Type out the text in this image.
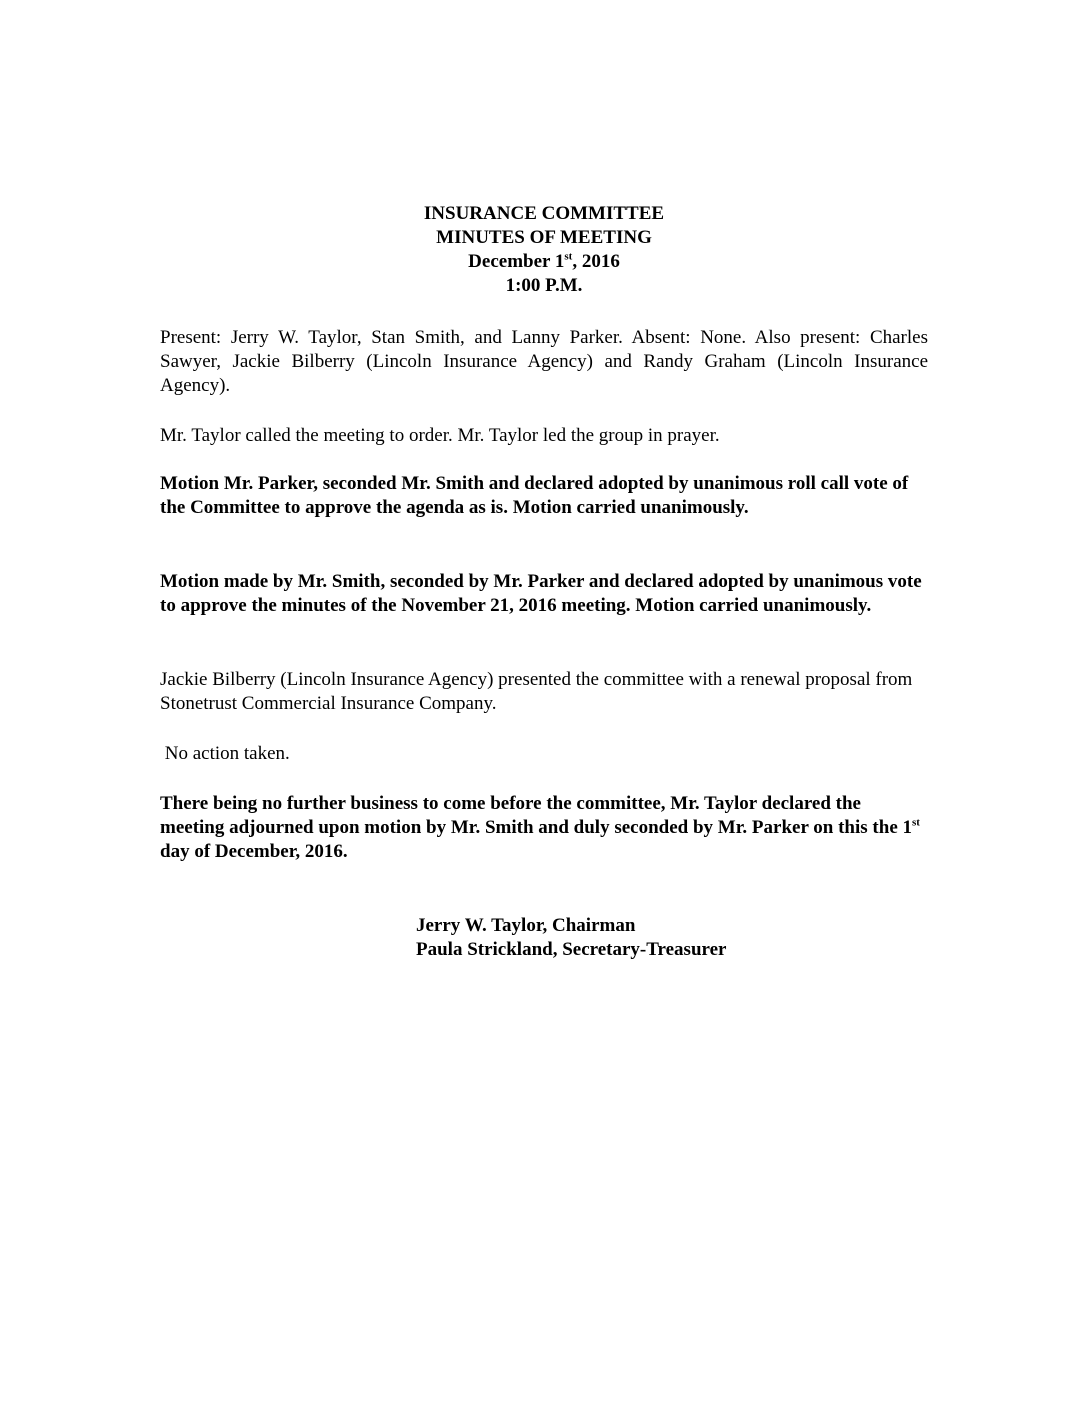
INSURANCE COMMITTEE
MINUTES OF MEETING
December 1st, 2016
1:00 P.M.

Present: Jerry W. Taylor, Stan Smith, and Lanny Parker. Absent: None. Also present: Charles Sawyer, Jackie Bilberry (Lincoln Insurance Agency) and Randy Graham (Lincoln Insurance Agency).

Mr. Taylor called the meeting to order. Mr. Taylor led the group in prayer.

Motion Mr. Parker, seconded Mr. Smith and declared adopted by unanimous roll call vote of the Committee to approve the agenda as is. Motion carried unanimously.

Motion made by Mr. Smith, seconded by Mr. Parker and declared adopted by unanimous vote to approve the minutes of the November 21, 2016 meeting. Motion carried unanimously.

Jackie Bilberry (Lincoln Insurance Agency) presented the committee with a renewal proposal from Stonetrust Commercial Insurance Company.

No action taken.

There being no further business to come before the committee, Mr. Taylor declared the meeting adjourned upon motion by Mr. Smith and duly seconded by Mr. Parker on this the 1st day of December, 2016.

Jerry W. Taylor, Chairman
Paula Strickland, Secretary-Treasurer
